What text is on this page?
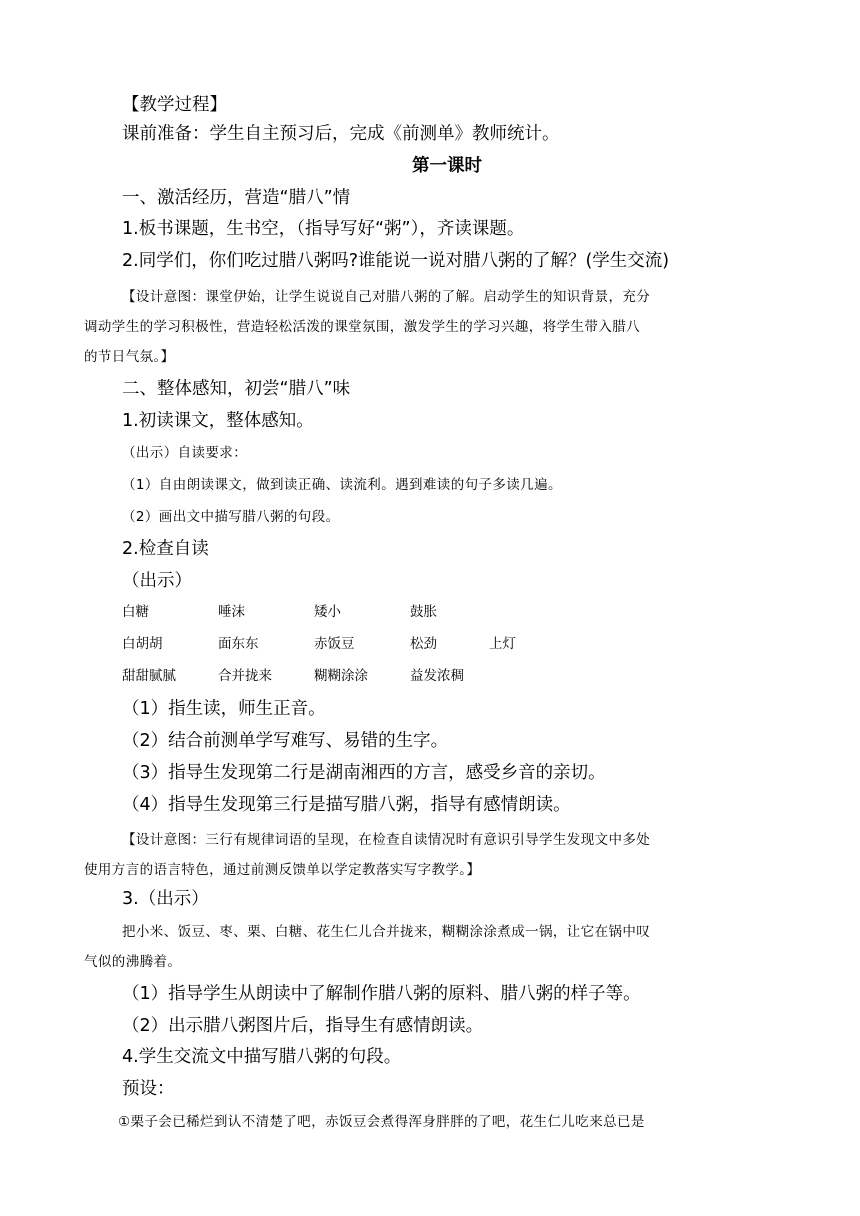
【教学过程】
课前准备：学生自主预习后，完成《前测单》教师统计。
第一课时
一、激活经历，营造“腊八”情
1.板书课题，生书空，（指导写好“粥”），齐读课题。
2.同学们，你们吃过腊八粥吗?谁能说一说对腊八粥的了解？(学生交流)
【设计意图：课堂伊始，让学生说说自己对腊八粥的了解。启动学生的知识背景，充分
调动学生的学习积极性，营造轻松活泼的课堂氛围，激发学生的学习兴趣，将学生带入腊八
的节日气氛。】
二、整体感知，初尝“腊八”味
1.初读课文，整体感知。
（出示）自读要求：
（1）自由朗读课文，做到读正确、读流利。遇到难读的句子多读几遍。
（2）画出文中描写腊八粥的句段。
2.检查自读
（出示）
白糖	唾沫	矮小	鼓胀
白胡胡	面东东	赤饭豆	松劲	上灯
甜甜腻腻	合并拢来	糊糊涂涂	益发浓稠
（1）指生读，师生正音。
（2）结合前测单学写难写、易错的生字。
（3）指导生发现第二行是湖南湘西的方言，感受乡音的亲切。
（4）指导生发现第三行是描写腊八粥，指导有感情朗读。
【设计意图：三行有规律词语的呈现，在检查自读情况时有意识引导学生发现文中多处
使用方言的语言特色，通过前测反馈单以学定教落实写字教学。】
3.（出示）
把小米、饭豆、枣、栗、白糖、花生仁儿合并拢来，糊糊涂涂煮成一锅，让它在锅中叹
气似的沸腾着。
（1）指导学生从朗读中了解制作腊八粥的原料、腊八粥的样子等。
（2）出示腊八粥图片后，指导生有感情朗读。
4.学生交流文中描写腊八粥的句段。
预设：
①栗子会已稀烂到认不清楚了吧，赤饭豆会煮得浑身胖胖的了吧，花生仁儿吃来总已是
